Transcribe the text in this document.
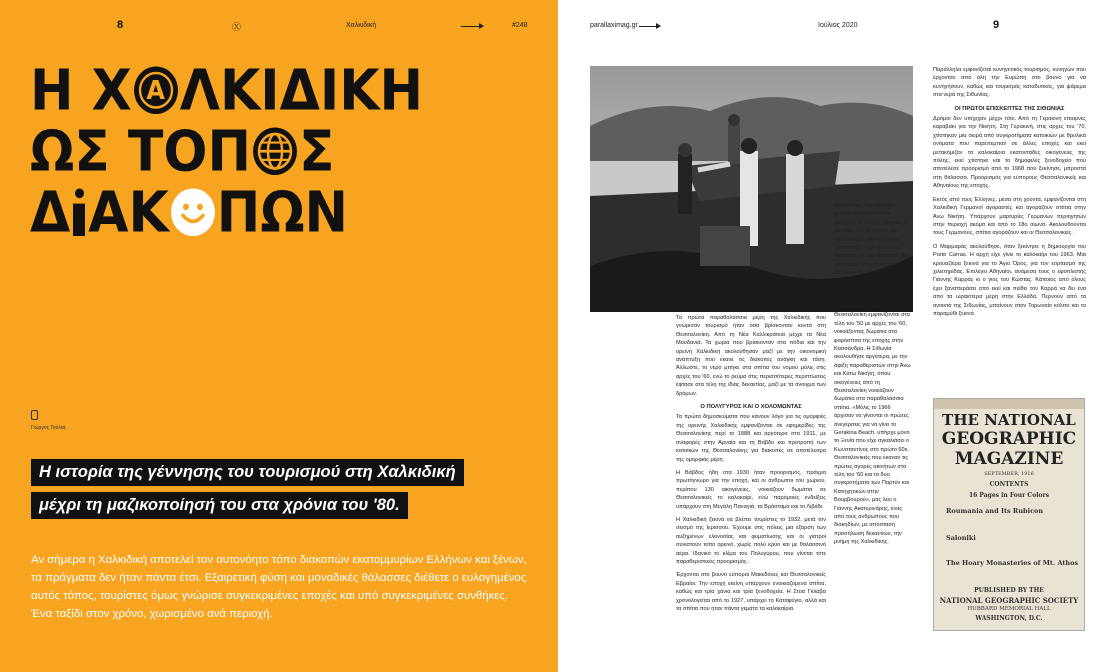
8	Ⓧ	Χαλκιδική	#248
Η Χ A ΛΚΙΔΙΚΗ
ΩΣ ΤΟΠ Σ
Δ ΑΚ ΠΩΝ
Γιώργος Τούλας
Η ιστορία της γέννησης του τουρισμού στη Χαλκιδική
μέχρι τη μαζικοποίησή του στα χρόνια του '80.
Αν σήμερα η Χαλκιδική αποτελεί τον αυτονόητο τόπο διακοπών εκατομμυρίων Ελλήνων και ξένων, τα πράγματα δεν ήταν πάντα έτσι. Εξαιρετική φύση και μοναδικές θάλασσες διέθετε ο ευλογημένος αυτός τόπος, τουρίστες όμως γνώρισε συγκεκριμένες εποχές και υπό συγκεκριμένες συνθήκες. Ένα ταξίδι στον χρόνο, χωρισμένο ανά περιοχή.
parallaximag.gr	Ιούλιος 2020	9

Τα πρώτα παραθαλάσσια μέρη της Χαλκιδικής που γνώρισαν τουρισμό ήταν όσα βρίσκονταν κοντά στη Θεσσαλονίκη. Από τη Νέα Καλλικράτεια μέχρι τα Νέα Μουδανιά. Τα χωριά που βρίσκονταν στα πόδια και την ορεινή Χαλκιδική ακολούθησαν μαζί με την οικονομική ανάπτυξη που έκανε τις διακοπές ανάγκη και τάση. Άλλωστε, το νερό μπήκε στα σπίτια του νομού μόλις στις αρχές του '60, ενώ το ρεύμα στις περισσότερες περιπτώσεις έφτασε στα τέλη της ίδιας δεκαετίας, μαζί με τα άνοιγμα των δρόμων.

Ο ΠΟΛΥΓΥΡΟΣ ΚΑΙ Ο ΧΟΛΟΜΩΝΤΑΣ

Τα πρώτα δημοσιεύματα που κάνουν λόγο για τις ομορφιές της ορεινής Χαλκιδικής εμφανίζονται σε εφημερίδες της Θεσσαλονίκης περί το 1888 και αργότερα στα 1911, με αναφορές στην Αρναία και τη Βάβδο και προτροπή των κατοίκων της Θεσσαλονίκης για διακοπές σε αποτέλεσμα της ομορφιάς μέρη.

Η Βάβδος ήδη στα 1930 ήταν προορισμός, πράγμα πρωτόγνωρο για την εποχή, και οι άνθρωποι του χωριού, περίπου 130 οικογένειες, νοικιάζουν δωμάτια σε Θεσσαλονικείς το καλοκαίρι, ενώ παρόμοιες ενδείξεις υπάρχουν στη Μεγάλη Παναγιά, τα Βράσταμα και το Λιβάδι.

Η Χαλκιδική ξεκινά να βλέπει τουρίστες το 1932, μετά τον σεισμό της Ιερισσού. Έχουμε στις πόλεις μια έξαρση των αυξημένων ελονοσίας και φυματίωσης και οι γιατροί συνιστούν τοπο ορεινό, χωρίς πολύ κρύο και με θαλασσινό αέρα. Ιδανικό το κλίμα του Πολυγύρου, που γίνεται τότε παραθεριστικός προορισμός.

Έρχονται στο βουνό εύποροι Μακεδόνες και Θεσσαλονικείς Εβραίοι. Την εποχή εκείνη υπάρχουν ενοικιαζόμενα σπίτια, καθώς και τρία χάνια και τρία ξενοδοχεία. Η Στοά Γκλάβα χρονολογείται από το 1927, υπάρχει το Καταφύγιο, αλλά και τα σπίτια που ήταν πάντα γεμάτα τα καλοκαίρια.

Οικογένειες παραθερίζαν μεγάλα διαστήματα και συνήθως οι άνδρες άφηναν τις γυναίκες και τα παιδιά και επέστρεφαν στην πόλη να εργαστούν. Ήταν βουνίσιες διακοπές, οι παραθεριστές δεν κατέβαιναν στη θάλασσα. Η θάλασσα δεν ήταν ακόμα προορισμός. Η κοινωνική ανθρωπολόγος Ρίτσα Δέλτσου παρατηρεί ότι οι πρώτοι παραθεριστές από τη Θεσσαλονίκη εμφανίζονται στα τέλη του '50 με αρχές του '60, νοικιάζοντας δωμάτια στα φαρόσπιτα της εποχής στην Κασσάνδρα. Η Σιθωνία ακολουθήσε αργότερα, με την άφιξη παραθεριστών στην Άνω και Κάτω Νικήτη, όπου οικογένειες από τη Θεσσαλονίκη νοικιάζουν δωμάτια στα παραθαλάσσια σπίτια. «Μόλις το 1966 άρχισαν να γίνονται οι πρώτες ανεγέρσεις για να γίνει το Gerakina Beach, υπήρχε μόνο το Ξενία που είχε αγκαλιάσει ο Κωνσταντίνος στο πρώτο 60s. Θεσσαλονικείς που έκαναν τις πρώτες αγορές ακινήτων στα τέλη του '60 και τα δυο συγκροτήματα των Παρτύν και Κατηχητικών στην Βουρβουρού», μας λέει ο Γιάννης Ακατερινάρης, ένας από τους ανθρώπους που διακηδίων, με απόσταση προσήλωση δεκαετιών, την μνήμη της Χαλκιδικής.

Παράλληλα εμφανίζεται κυνηγετικός τουρισμός, κυνηγών που έρχονταν από όλη την Ευρώπη στο βουνό για να κυνηγήσουν, καθώς και τουρισμός καταδυτικός, για ψάρεμα στα νερά της Σιθωνίας.

ΟΙ ΠΡΩΤΟΙ ΕΠΙΣΚΕΠΤΕΣ ΤΗΣ ΣΙΘΩΝΙΑΣ

Δρόμοι δεν υπήρχαν μέχρι τότε. Από τη Γερακινή επαιρνες καραβάκι για την Νικήτη. Στη Γερακινή, στις αρχές του '70, χτίστηκαν μια σειρά από συγκροτήματα κατοικιών με θρυλικά ονόματα που παρέπεμπαν σε άλλες εποχές και εκεί μετακόμιζαν τα καλοκαίρια εκατοντάδες οικογένειες της πόλης, εκεί χτίστηκε και το δημοφιλές ξενοδοχείο που αποτέλεσε προορισμό από το 1968 που ξεκίνησε, μπροστά στη θάλασσα. Προορισμός για εύπορους Θεσσαλονικείς και Αθηναίους της εποχής.

Εκτός από τους Έλληνες, μέσα στη χούντα, εμφανίζονται στη Χαλκιδική Γερμανοί αγοραστές και αγοράζουν σπίτια στην Άνω Νικήτη. Υπάρχουν μαρτυρίες Γερμανών περιηγητών στην περιοχή ακόμα και από το 18ο αιώνα. Ακολουθούνται τους Γερμανούς, σπίτια αγοράζουν και οι Θεσσαλονικείς.

Ο Μαρμαράς ακολούθησε, όταν ξεκίνησε η δημιουργία του Porto Carras. Η αρχή είχε γίνει το καλοκαίρι του 1963. Μια κρουαζιέρα ξεκινά για το Άγιο Όρος, για τον εορτασμό της χιλιετηρίδας. Επιλέγει Αθηναίοι, ανάμεσα τους ο εφοπλιστής Γιάννης Καρράς κι ο γιος του Κώστας. Κάποιος από όλους έχει ξαναπεράσει από εκεί και πείθει τον Καρρά να δει ένα από τα ωραιότερα μέρη στην Ελλάδα. Περνούν από τα ανοικτά της Σιθωνίας, μπαίνουν στον Τορωναίο κόλπο και το παραμύθι ξεκινά.

THE NATIONAL
GEOGRAPHIC
MAGAZINE
SEPTEMBER, 1916
CONTENTS
16 Pages in Four Colors
Roumania and Its Rubicon
Saloniki
The Hoary Monasteries of Mt. Athos
PUBLISHED BY THE
NATIONAL GEOGRAPHIC SOCIETY
HUBBARD MEMORIAL HALL
WASHINGTON, D.C.
